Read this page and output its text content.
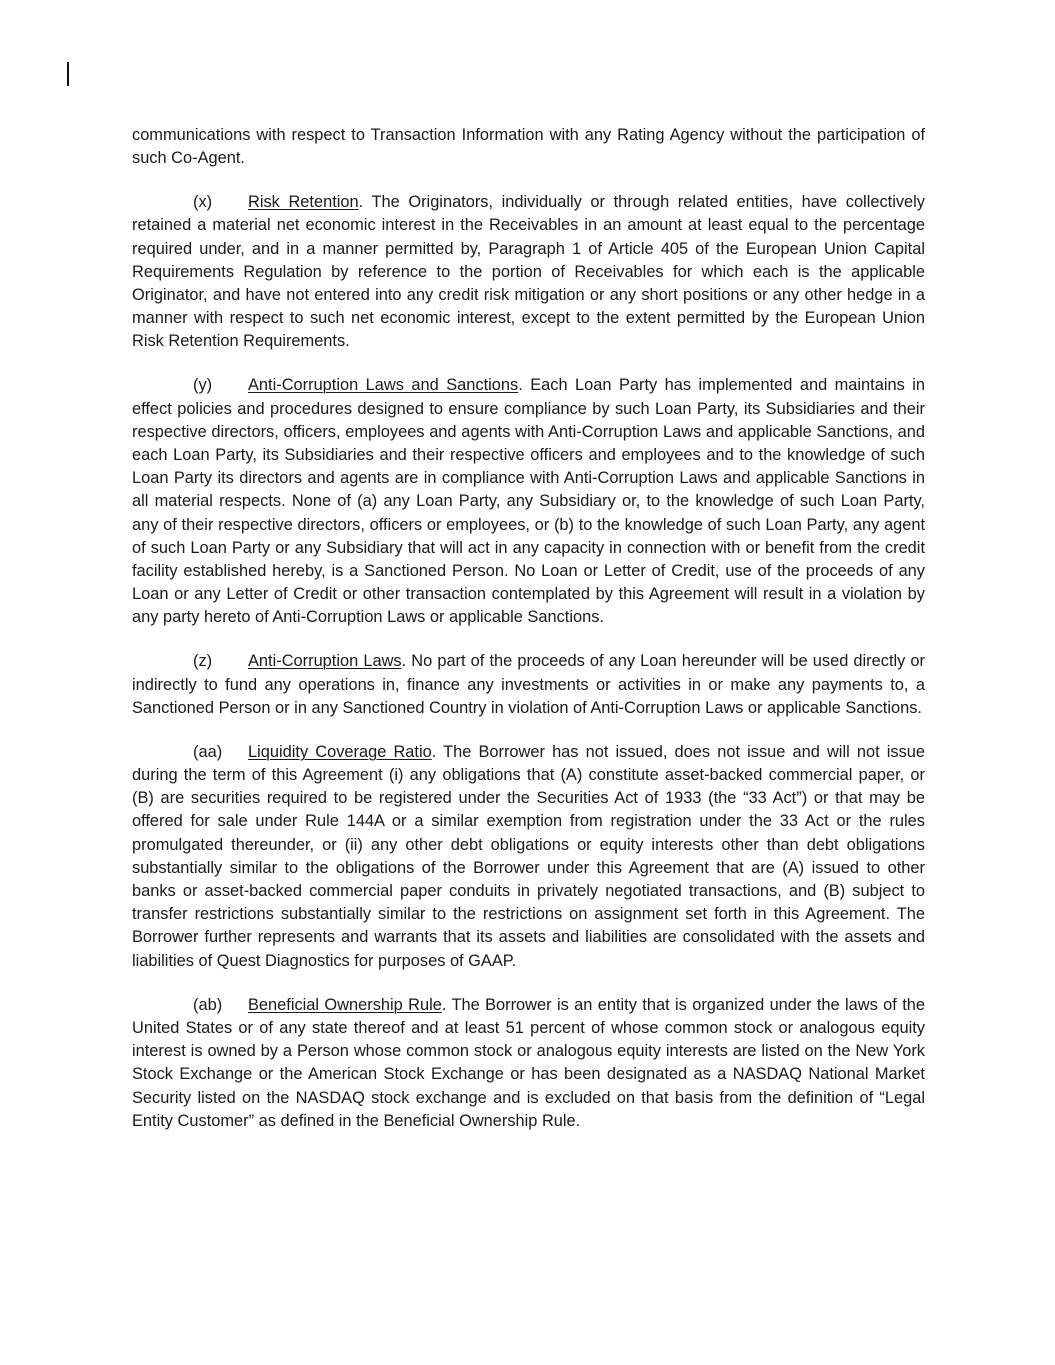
communications with respect to Transaction Information with any Rating Agency without the participation of such Co-Agent.

(x) Risk Retention. The Originators, individually or through related entities, have collectively retained a material net economic interest in the Receivables in an amount at least equal to the percentage required under, and in a manner permitted by, Paragraph 1 of Article 405 of the European Union Capital Requirements Regulation by reference to the portion of Receivables for which each is the applicable Originator, and have not entered into any credit risk mitigation or any short positions or any other hedge in a manner with respect to such net economic interest, except to the extent permitted by the European Union Risk Retention Requirements.

(y) Anti-Corruption Laws and Sanctions. Each Loan Party has implemented and maintains in effect policies and procedures designed to ensure compliance by such Loan Party, its Subsidiaries and their respective directors, officers, employees and agents with Anti-Corruption Laws and applicable Sanctions, and each Loan Party, its Subsidiaries and their respective officers and employees and to the knowledge of such Loan Party its directors and agents are in compliance with Anti-Corruption Laws and applicable Sanctions in all material respects. None of (a) any Loan Party, any Subsidiary or, to the knowledge of such Loan Party, any of their respective directors, officers or employees, or (b) to the knowledge of such Loan Party, any agent of such Loan Party or any Subsidiary that will act in any capacity in connection with or benefit from the credit facility established hereby, is a Sanctioned Person. No Loan or Letter of Credit, use of the proceeds of any Loan or any Letter of Credit or other transaction contemplated by this Agreement will result in a violation by any party hereto of Anti-Corruption Laws or applicable Sanctions.

(z) Anti-Corruption Laws. No part of the proceeds of any Loan hereunder will be used directly or indirectly to fund any operations in, finance any investments or activities in or make any payments to, a Sanctioned Person or in any Sanctioned Country in violation of Anti-Corruption Laws or applicable Sanctions.

(aa) Liquidity Coverage Ratio. The Borrower has not issued, does not issue and will not issue during the term of this Agreement (i) any obligations that (A) constitute asset-backed commercial paper, or (B) are securities required to be registered under the Securities Act of 1933 (the “33 Act”) or that may be offered for sale under Rule 144A or a similar exemption from registration under the 33 Act or the rules promulgated thereunder, or (ii) any other debt obligations or equity interests other than debt obligations substantially similar to the obligations of the Borrower under this Agreement that are (A) issued to other banks or asset-backed commercial paper conduits in privately negotiated transactions, and (B) subject to transfer restrictions substantially similar to the restrictions on assignment set forth in this Agreement. The Borrower further represents and warrants that its assets and liabilities are consolidated with the assets and liabilities of Quest Diagnostics for purposes of GAAP.

(ab) Beneficial Ownership Rule. The Borrower is an entity that is organized under the laws of the United States or of any state thereof and at least 51 percent of whose common stock or analogous equity interest is owned by a Person whose common stock or analogous equity interests are listed on the New York Stock Exchange or the American Stock Exchange or has been designated as a NASDAQ National Market Security listed on the NASDAQ stock exchange and is excluded on that basis from the definition of “Legal Entity Customer” as defined in the Beneficial Ownership Rule.
